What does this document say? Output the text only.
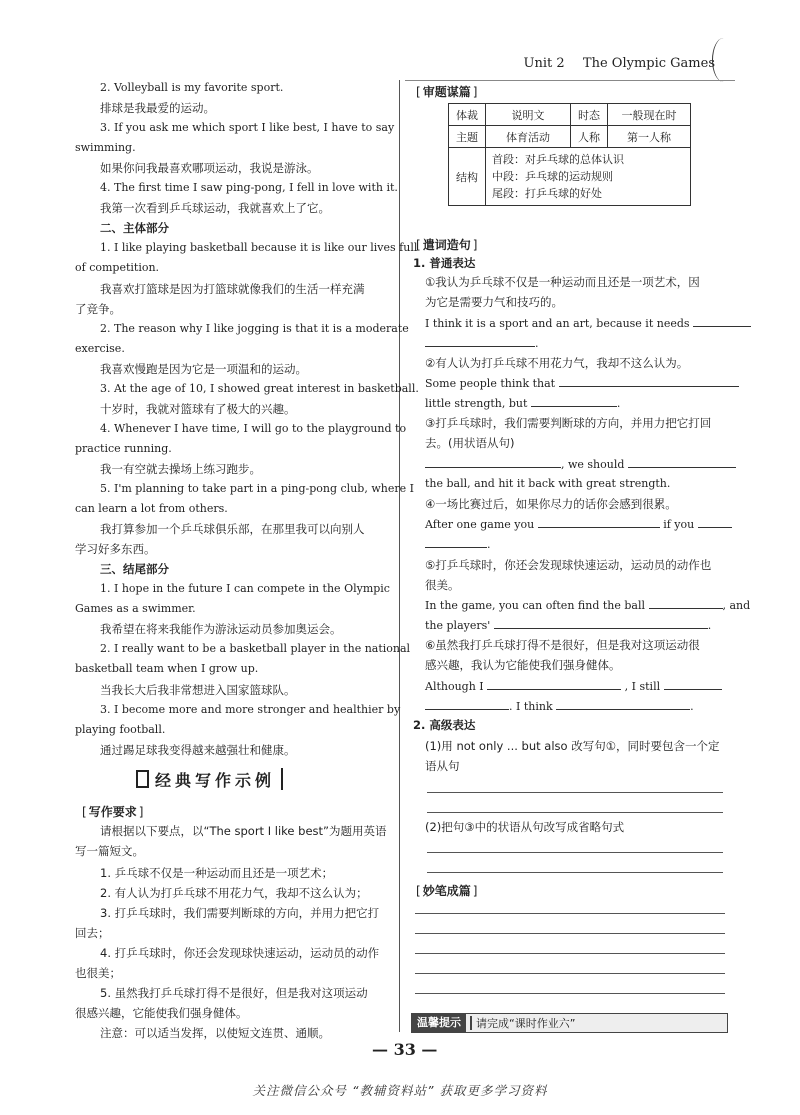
Unit 2 The Olympic Games
2. Volleyball is my favorite sport.
排球是我最爱的运动。
3. If you ask me which sport I like best, I have to say
swimming.
如果你问我最喜欢哪项运动，我说是游泳。
4. The first time I saw ping-pong, I fell in love with it.
我第一次看到乒乓球运动，我就喜欢上了它。
二、主体部分
1. I like playing basketball because it is like our lives full
of competition.
我喜欢打篮球是因为打篮球就像我们的生活一样充满
了竞争。
2. The reason why I like jogging is that it is a moderate
exercise.
我喜欢慢跑是因为它是一项温和的运动。
3. At the age of 10, I showed great interest in basketball.
十岁时，我就对篮球有了极大的兴趣。
4. Whenever I have time, I will go to the playground to
practice running.
我一有空就去操场上练习跑步。
5. I'm planning to take part in a ping-pong club, where I
can learn a lot from others.
我打算参加一个乒乓球俱乐部，在那里我可以向别人
学习好多东西。
三、结尾部分
1. I hope in the future I can compete in the Olympic
Games as a swimmer.
我希望在将来我能作为游泳运动员参加奥运会。
2. I really want to be a basketball player in the national
basketball team when I grow up.
当我长大后我非常想进入国家篮球队。
3. I become more and more stronger and healthier by
playing football.
通过踢足球我变得越来越强壮和健康。
经典写作示例
[ 写作要求 ]
请根据以下要点，以“The sport I like best”为题用英语
写一篇短文。
1. 乒乓球不仅是一种运动而且还是一项艺术；
2. 有人认为打乒乓球不用花力气，我却不这么认为；
3. 打乒乓球时，我们需要判断球的方向，并用力把它打
回去；
4. 打乒乓球时，你还会发现球快速运动，运动员的动作
也很美；
5. 虽然我打乒乓球打得不是很好，但是我对这项运动
很感兴趣，它能使我们强身健体。
注意：可以适当发挥，以使短文连贯、通顺。
[ 审题谋篇 ]
体裁	说明文	时态	一般现在时
主题	体育活动	人称	第一人称
结构	首段：对乒乓球的总体认识
中段：乒乓球的运动规则
尾段：打乒乓球的好处		
[ 遣词造句 ]
1. 普通表达
①我认为乒乓球不仅是一种运动而且还是一项艺术，因
为它是需要力气和技巧的。
I think it is a sport and an art, because it needs
.
②有人认为打乒乓球不用花力气，我却不这么认为。
Some people think that
little strength, but	.
③打乒乓球时，我们需要判断球的方向，并用力把它打回
去。(用状语从句)
, we should
the ball, and hit it back with great strength.
④一场比赛过后，如果你尽力的话你会感到很累。
After one game you	if you
.
⑤打乒乓球时，你还会发现球快速运动，运动员的动作也
很美。
In the game, you can often find the ball	, and
the players'	.
⑥虽然我打乒乓球打得不是很好，但是我对这项运动很
感兴趣，我认为它能使我们强身健体。
Although I	, I still
. I think	.
2. 高级表达
(1)用 not only ... but also 改写句①，同时要包含一个定
语从句
(2)把句③中的状语从句改写成省略句式
[ 妙笔成篇 ]
温馨提示	请完成“课时作业六”
— 33 —
关注微信公众号 “教辅资料站” 获取更多学习资料
